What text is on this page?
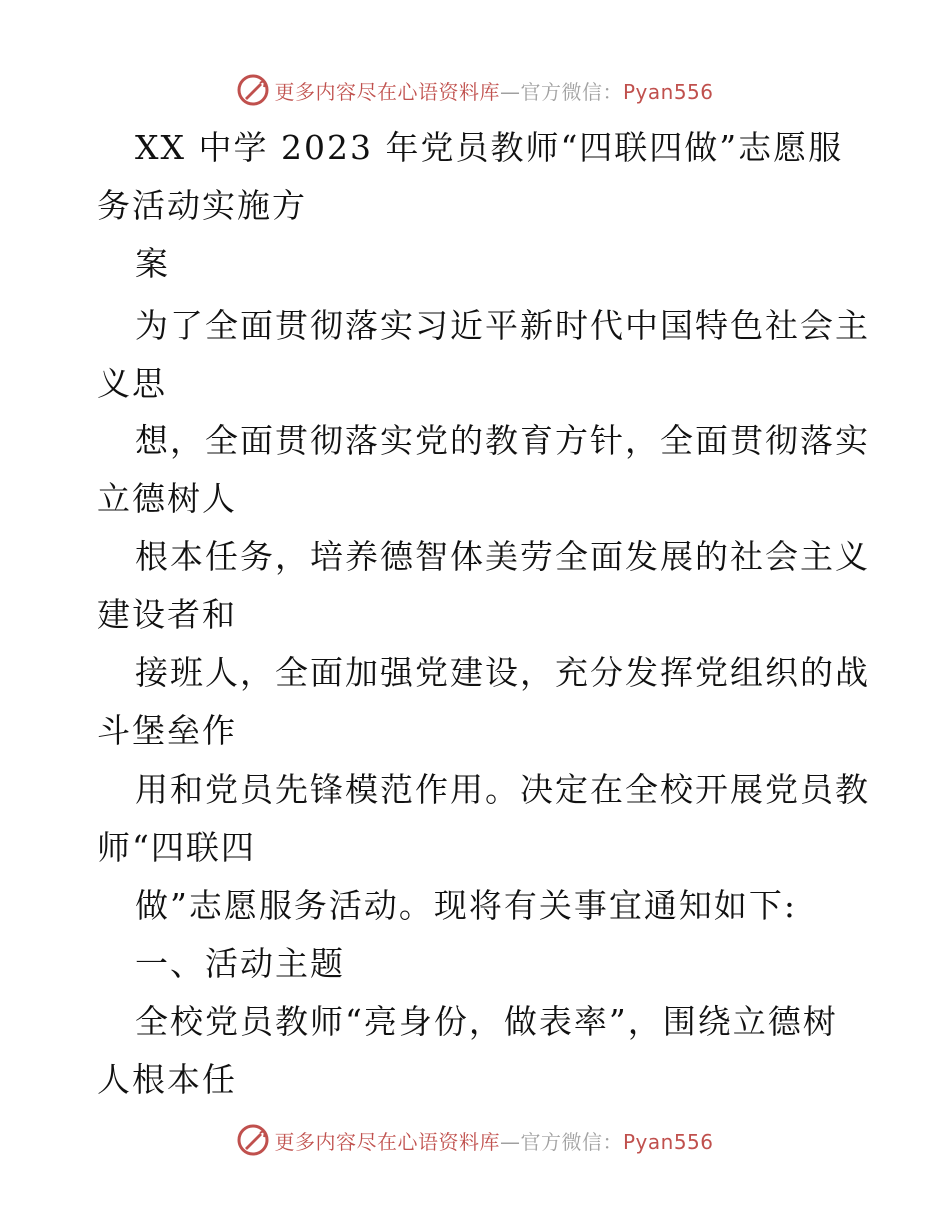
更多内容尽在心语资料库—官方微信：Pyan556
XX 中学 2023 年党员教师“四联四做”志愿服
务活动实施方
案
为了全面贯彻落实习近平新时代中国特色社会主
义思
想，全面贯彻落实党的教育方针，全面贯彻落实
立德树人
根本任务，培养德智体美劳全面发展的社会主义
建设者和
接班人，全面加强党建设，充分发挥党组织的战
斗堡垒作
用和党员先锋模范作用。决定在全校开展党员教
师“四联四
做”志愿服务活动。现将有关事宜通知如下:
一、活动主题
全校党员教师“亮身份，做表率”，围绕立德树
人根本任
更多内容尽在心语资料库—官方微信：Pyan556
